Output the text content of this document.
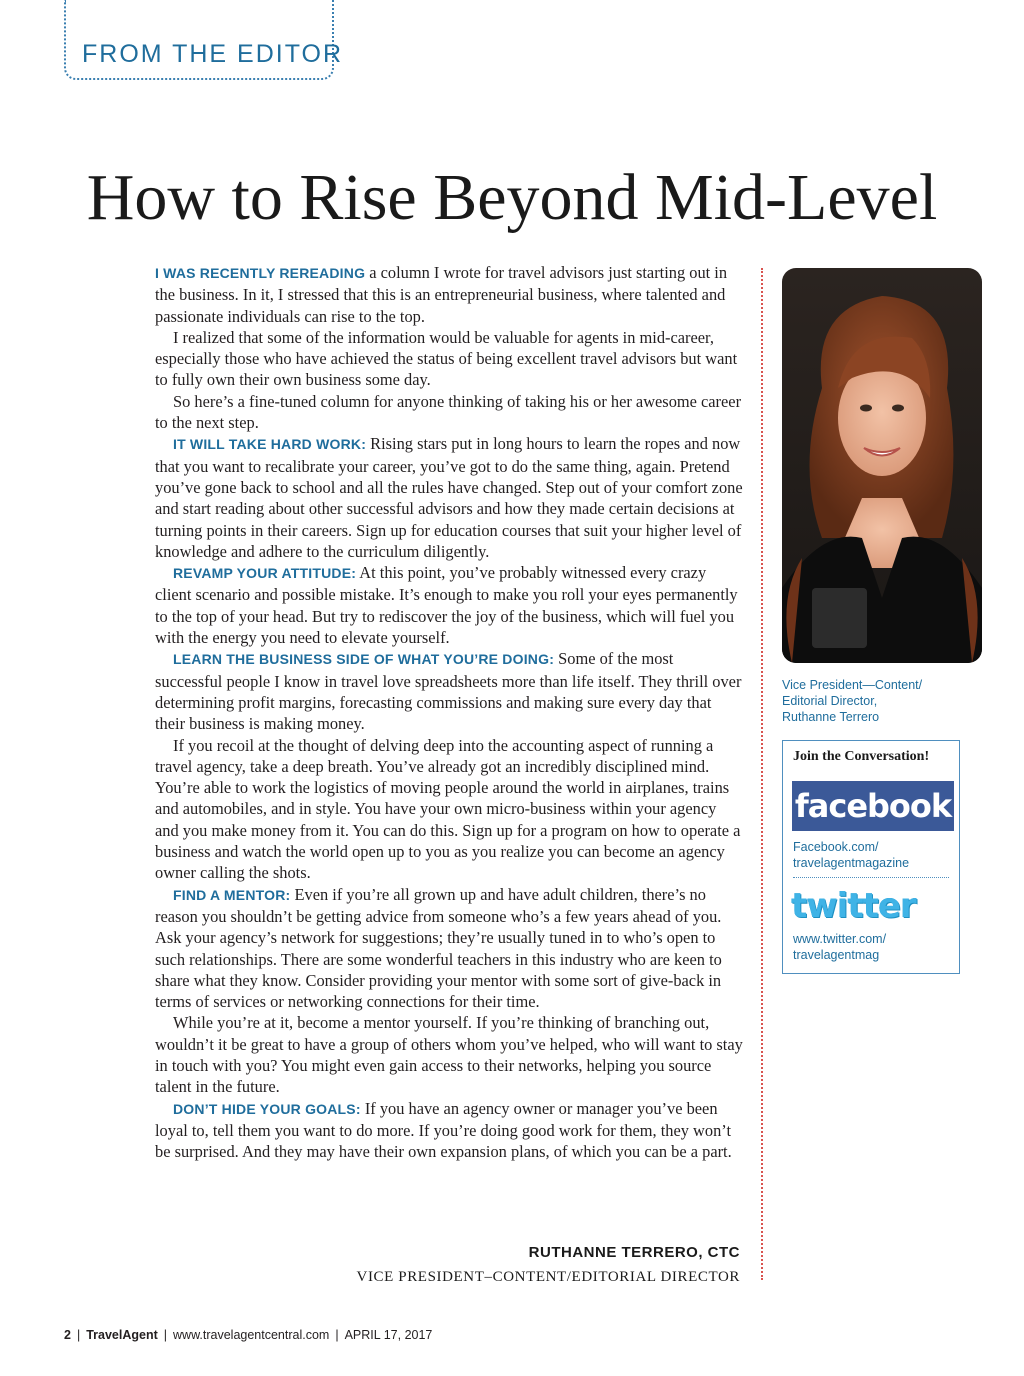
FROM THE EDITOR
How to Rise Beyond Mid-Level

I WAS RECENTLY REREADING a column I wrote for travel advisors just starting out in the business. In it, I stressed that this is an entrepreneurial business, where talented and passionate individuals can rise to the top.

I realized that some of the information would be valuable for agents in mid-career, especially those who have achieved the status of being excellent travel advisors but want to fully own their own business some day.

So here’s a fine-tuned column for anyone thinking of taking his or her awesome career to the next step.

IT WILL TAKE HARD WORK: Rising stars put in long hours to learn the ropes and now that you want to recalibrate your career, you’ve got to do the same thing, again. Pretend you’ve gone back to school and all the rules have changed. Step out of your comfort zone and start reading about other successful advisors and how they made certain decisions at turning points in their careers. Sign up for education courses that suit your higher level of knowledge and adhere to the curriculum diligently.

REVAMP YOUR ATTITUDE: At this point, you’ve probably witnessed every crazy client scenario and possible mistake. It’s enough to make you roll your eyes permanently to the top of your head. But try to rediscover the joy of the business, which will fuel you with the energy you need to elevate yourself.

LEARN THE BUSINESS SIDE OF WHAT YOU’RE DOING: Some of the most successful people I know in travel love spreadsheets more than life itself. They thrill over determining profit margins, forecasting commissions and making sure every day that their business is making money.

If you recoil at the thought of delving deep into the accounting aspect of running a travel agency, take a deep breath. You’ve already got an incredibly disciplined mind. You’re able to work the logistics of moving people around the world in airplanes, trains and automobiles, and in style. You have your own micro-business within your agency and you make money from it. You can do this. Sign up for a program on how to operate a business and watch the world open up to you as you realize you can become an agency owner calling the shots.

FIND A MENTOR: Even if you’re all grown up and have adult children, there’s no reason you shouldn’t be getting advice from someone who’s a few years ahead of you. Ask your agency’s network for suggestions; they’re usually tuned in to who’s open to such relationships. There are some wonderful teachers in this industry who are keen to share what they know. Consider providing your mentor with some sort of give-back in terms of services or networking connections for their time.

While you’re at it, become a mentor yourself. If you’re thinking of branching out, wouldn’t it be great to have a group of others whom you’ve helped, who will want to stay in touch with you? You might even gain access to their networks, helping you source talent in the future.

DON’T HIDE YOUR GOALS: If you have an agency owner or manager you’ve been loyal to, tell them you want to do more. If you’re doing good work for them, they won’t be surprised. And they may have their own expansion plans, of which you can be a part.

RUTHANNE TERRERO, CTC
VICE PRESIDENT–CONTENT/EDITORIAL DIRECTOR
Vice President—Content/
Editorial Director,
Ruthanne Terrero
Join the Conversation!
facebook
Facebook.com/
travelagentmagazine
twitter
www.twitter.com/
travelagentmag
2 | TravelAgent | www.travelagentcentral.com | APRIL 17, 2017
